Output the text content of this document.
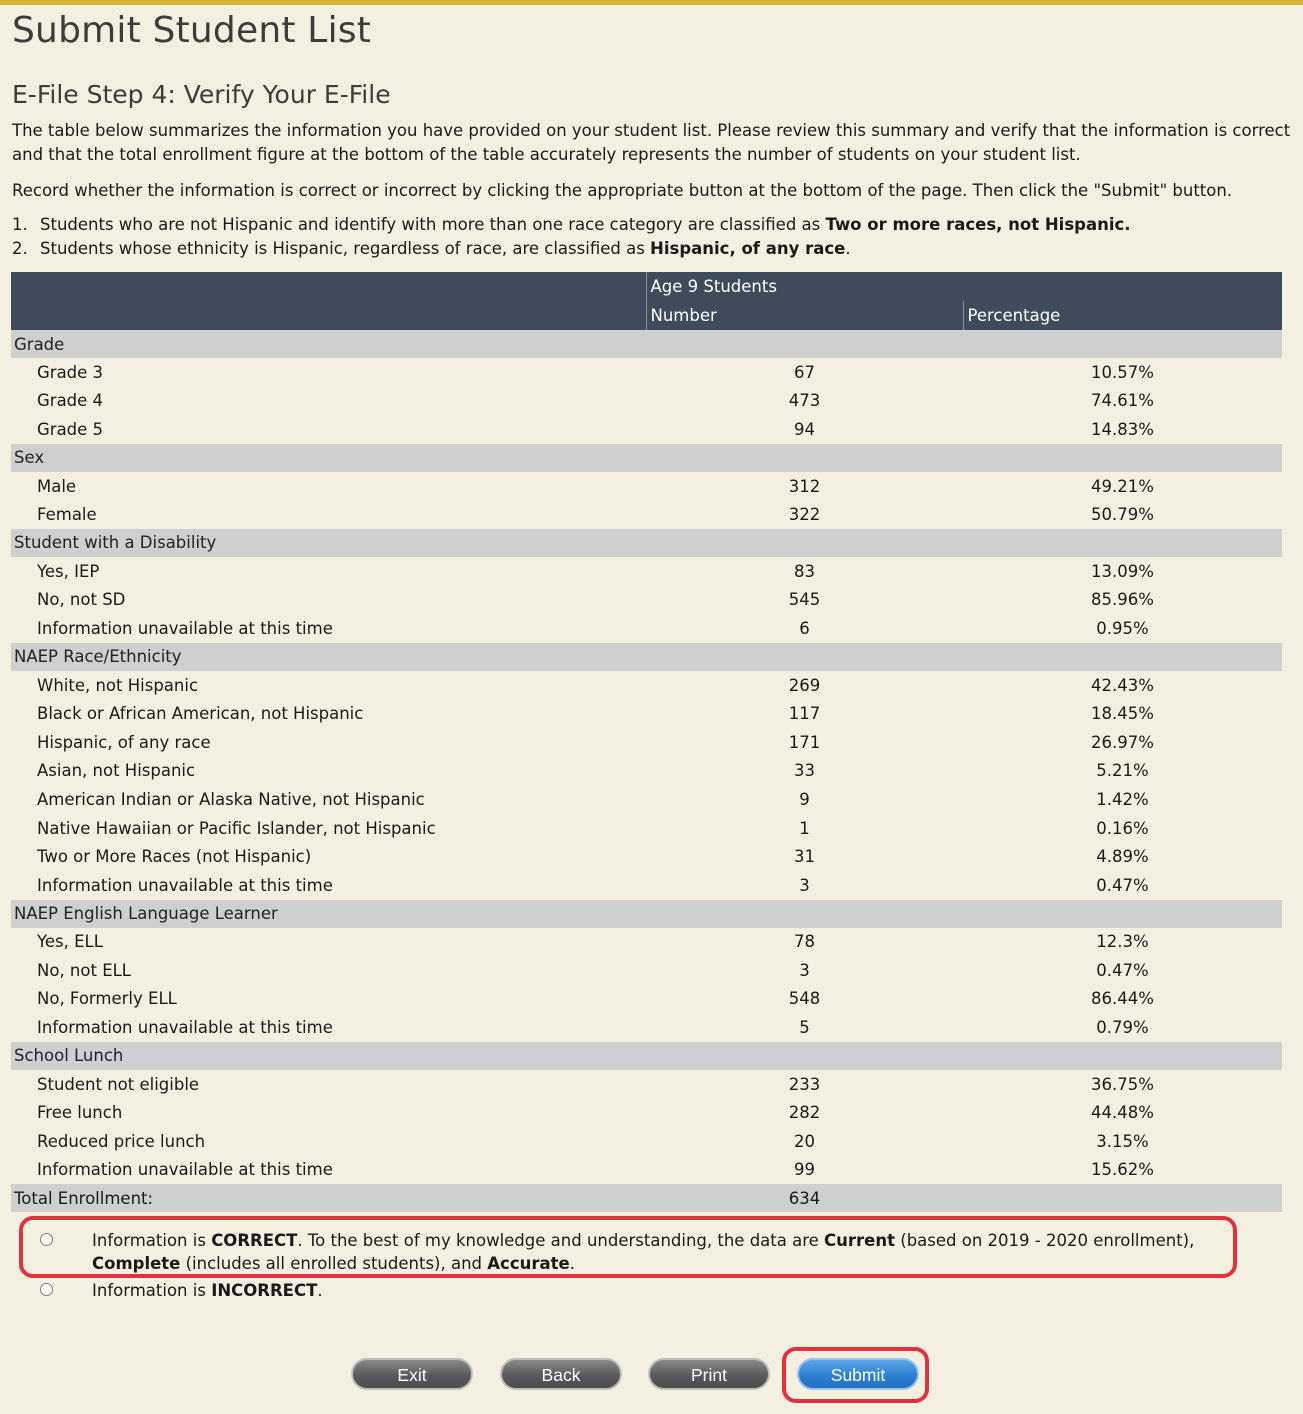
Submit Student List
E-File Step 4: Verify Your E-File

The table below summarizes the information you have provided on your student list. Please review this summary and verify that the information is correct and that the total enrollment figure at the bottom of the table accurately represents the number of students on your student list.

Record whether the information is correct or incorrect by clicking the appropriate button at the bottom of the page. Then click the "Submit" button.

1. Students who are not Hispanic and identify with more than one race category are classified as Two or more races, not Hispanic.
2. Students whose ethnicity is Hispanic, regardless of race, are classified as Hispanic, of any race.
	Age 9 Students	
	Number	Percentage
Grade		
Grade 3	67	10.57%
Grade 4	473	74.61%
Grade 5	94	14.83%
Sex		
Male	312	49.21%
Female	322	50.79%
Student with a Disability		
Yes, IEP	83	13.09%
No, not SD	545	85.96%
Information unavailable at this time	6	0.95%
NAEP Race/Ethnicity		
White, not Hispanic	269	42.43%
Black or African American, not Hispanic	117	18.45%
Hispanic, of any race	171	26.97%
Asian, not Hispanic	33	5.21%
American Indian or Alaska Native, not Hispanic	9	1.42%
Native Hawaiian or Pacific Islander, not Hispanic	1	0.16%
Two or More Races (not Hispanic)	31	4.89%
Information unavailable at this time	3	0.47%
NAEP English Language Learner		
Yes, ELL	78	12.3%
No, not ELL	3	0.47%
No, Formerly ELL	548	86.44%
Information unavailable at this time	5	0.79%
School Lunch		
Student not eligible	233	36.75%
Free lunch	282	44.48%
Reduced price lunch	20	3.15%
Information unavailable at this time	99	15.62%
Total Enrollment:	634	
Information is CORRECT. To the best of my knowledge and understanding, the data are Current (based on 2019 - 2020 enrollment),
Complete (includes all enrolled students), and Accurate.
Information is INCORRECT.
Exit	Back	Print	Submit
